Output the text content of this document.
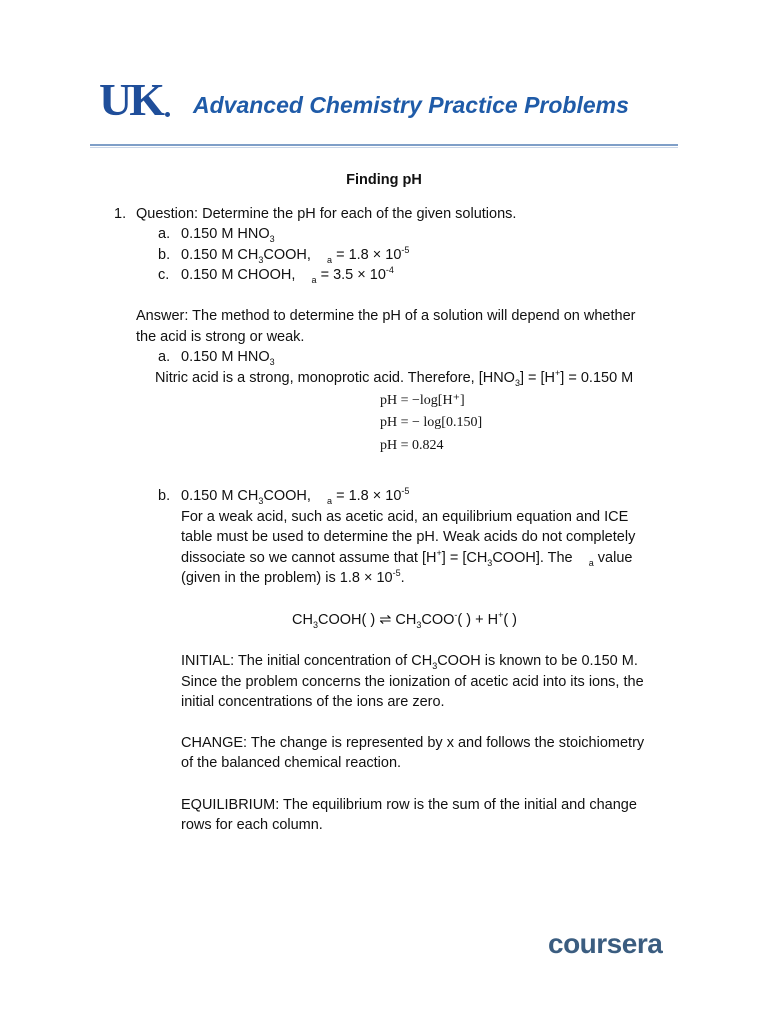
UK Advanced Chemistry Practice Problems
Finding pH
1. Question: Determine the pH for each of the given solutions.
a. 0.150 M $HNO_3$
b. 0.150 M $CH_3COOH$, $_a = 1.8 \times 10^{-5}$
c. 0.150 M CHOOH, $_a = 3.5 \times 10^{-4}$
Answer: The method to determine the pH of a solution will depend on whether
the acid is strong or weak.
a. 0.150 M $HNO_3$
Nitric acid is a strong, monoprotic acid. Therefore, $[HNO_3] = [H^+] = 0.150$ M
pH = −log[H⁺]
pH = − log[0.150]
pH = 0.824
b. 0.150 M $CH_3COOH$, $_a = 1.8 \times 10^{-5}$
For a weak acid, such as acetic acid, an equilibrium equation and ICE
table must be used to determine the pH. Weak acids do not completely
dissociate so we cannot assume that $[H^+] = [CH_3COOH]$. The $_a$ value
(given in the problem) is $1.8 \times 10^{-5}$.
$CH_3COOH$( ) ⇌ $CH_3COO^-$( ) + H+( )
INITIAL: The initial concentration of $CH_3COOH$ is known to be 0.150 M.
Since the problem concerns the ionization of acetic acid into its ions, the
initial concentrations of the ions are zero.
CHANGE: The change is represented by x and follows the stoichiometry
of the balanced chemical reaction.
EQUILIBRIUM: The equilibrium row is the sum of the initial and change
rows for each column.
coursera
